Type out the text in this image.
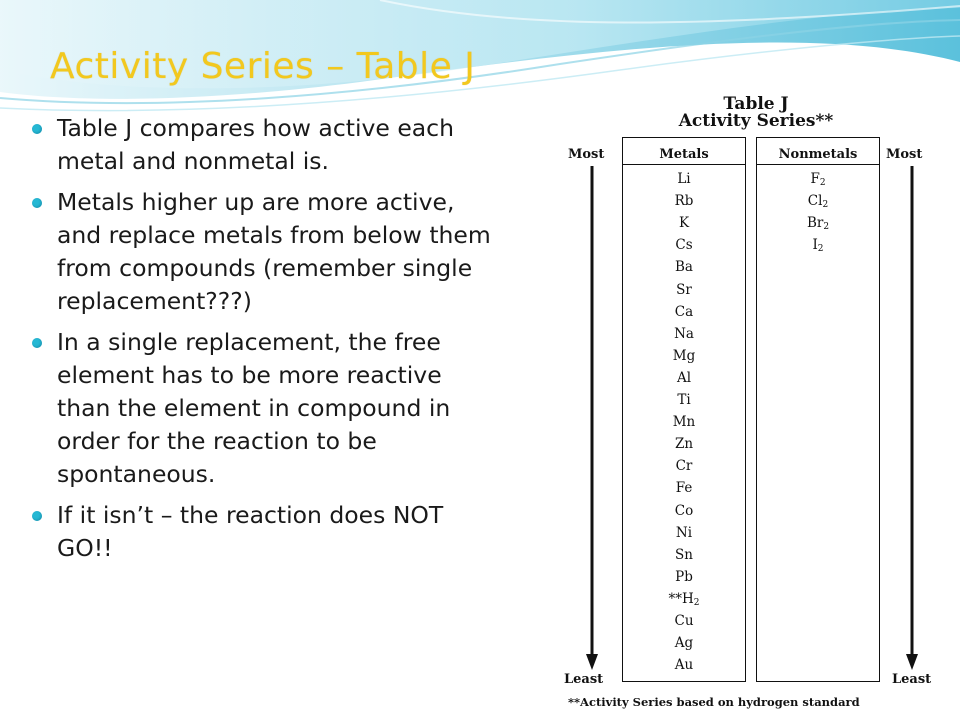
Activity Series – Table J
Table J compares how active each metal and nonmetal is.
Metals higher up are more active, and replace metals from below them from compounds (remember single replacement???)
In a single replacement, the free element has to be more reactive than the element in compound in order for the reaction to be spontaneous.
If it isn’t – the reaction does NOT GO!!
Table J
Activity Series**
Metals	Nonmetals
Most
Least
Most
Least
Li
Rb
K
Cs
Ba
Sr
Ca
Na
Mg
Al
Ti
Mn
Zn
Cr
Fe
Co
Ni
Sn
Pb
$**H_2$
Cu
Ag
Au
$F_2$
$Cl_2$
$Br_2$
$I_2$
**Activity Series based on hydrogen standard
